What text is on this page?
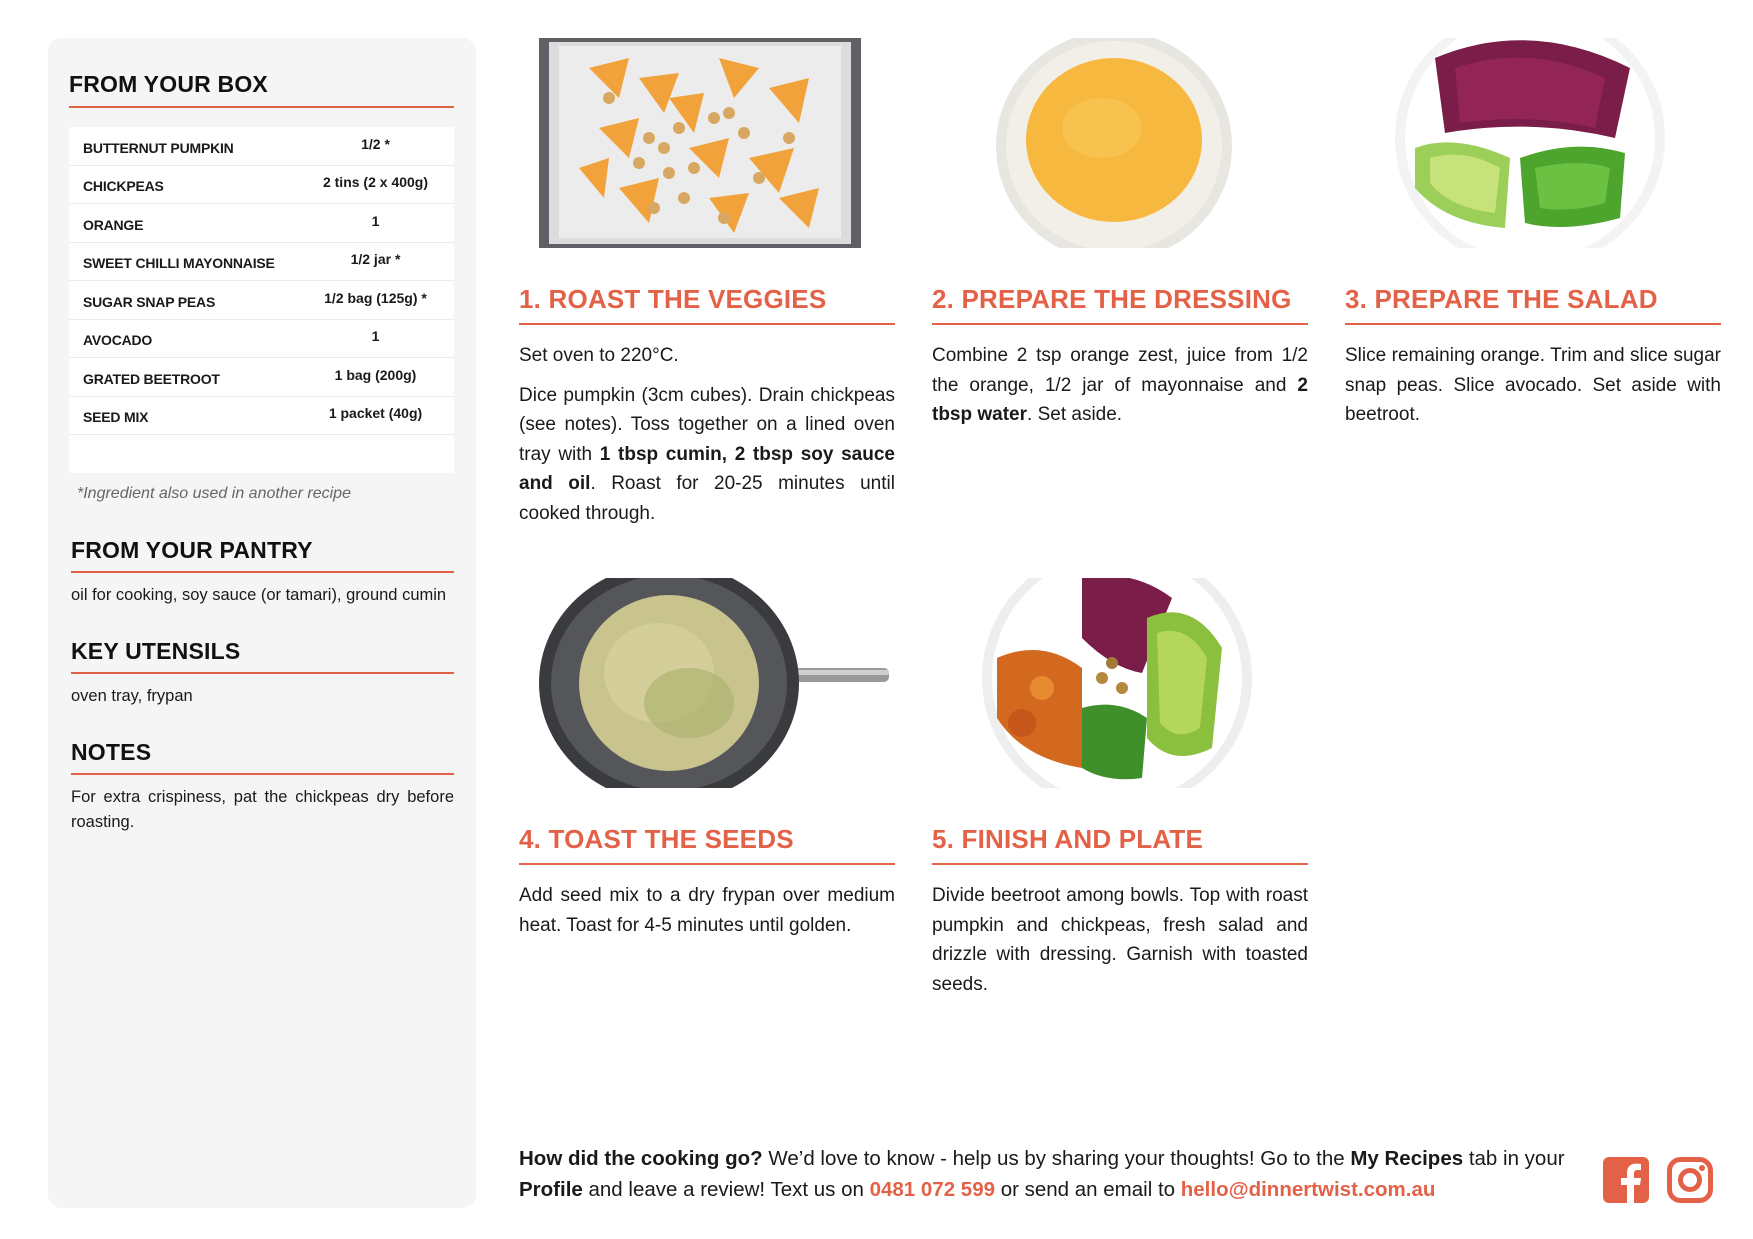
FROM YOUR BOX
BUTTERNUT PUMPKIN	1/2 *
CHICKPEAS	2 tins (2 x 400g)
ORANGE	1
SWEET CHILLI MAYONNAISE	1/2 jar *
SUGAR SNAP PEAS	1/2 bag (125g) *
AVOCADO	1
GRATED BEETROOT	1 bag (200g)
SEED MIX	1 packet (40g)
*Ingredient also used in another recipe
FROM YOUR PANTRY
oil for cooking, soy sauce (or tamari), ground cumin
KEY UTENSILS
oven tray, frypan
NOTES
For extra crispiness, pat the chickpeas dry before roasting.
1. ROAST THE VEGGIES

Set oven to 220°C.

Dice pumpkin (3cm cubes). Drain chickpeas (see notes). Toss together on a lined oven tray with 1 tbsp cumin, 2 tbsp soy sauce and oil. Roast for 20-25 minutes until cooked through.

2. PREPARE THE DRESSING

Combine 2 tsp orange zest, juice from 1/2 the orange, 1/2 jar of mayonnaise and 2 tbsp water. Set aside.

3. PREPARE THE SALAD

Slice remaining orange. Trim and slice sugar snap peas. Slice avocado. Set aside with beetroot.

4. TOAST THE SEEDS

Add seed mix to a dry frypan over medium heat. Toast for 4-5 minutes until golden.

5. FINISH AND PLATE

Divide beetroot among bowls. Top with roast pumpkin and chickpeas, fresh salad and drizzle with dressing. Garnish with toasted seeds.

How did the cooking go? We’d love to know - help us by sharing your thoughts! Go to the My Recipes tab in your Profile and leave a review! Text us on 0481 072 599 or send an email to hello@dinnertwist.com.au
